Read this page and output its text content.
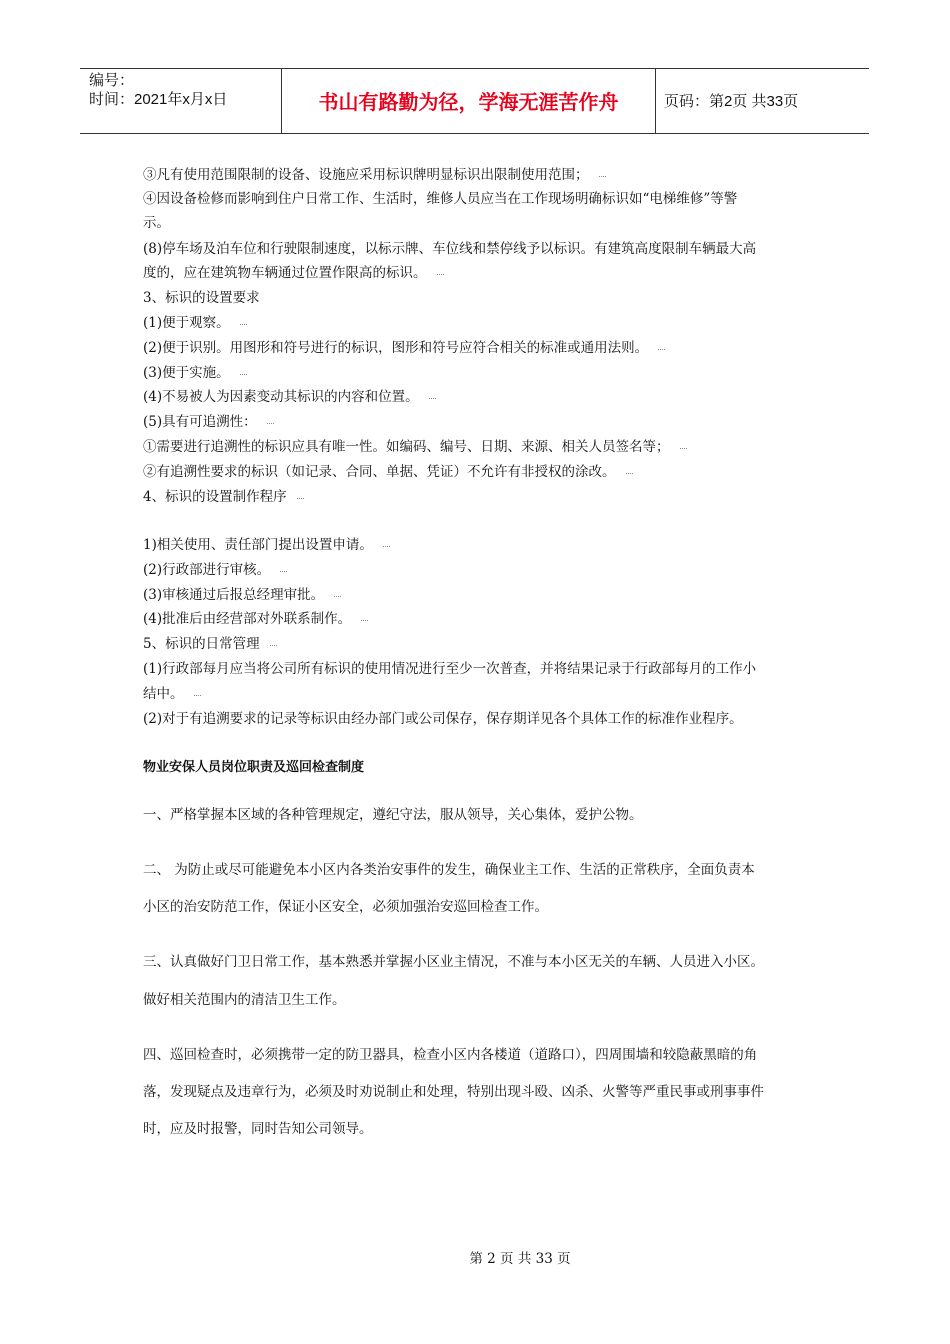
编号：
时间：2021年x月x日	书山有路勤为径，学海无涯苦作舟	页码：第2页 共33页
③凡有使用范围限制的设备、设施应采用标识牌明显标识出限制使用范围；
④因设备检修而影响到住户日常工作、生活时，维修人员应当在工作现场明确标识如“电梯维修”等警
示。
(8)停车场及泊车位和行驶限制速度，以标示牌、车位线和禁停线予以标识。有建筑高度限制车辆最大高
度的，应在建筑物车辆通过位置作限高的标识。
3、标识的设置要求
(1)便于观察。
(2)便于识别。用图形和符号进行的标识，图形和符号应符合相关的标准或通用法则。
(3)便于实施。
(4)不易被人为因素变动其标识的内容和位置。
(5)具有可追溯性：
①需要进行追溯性的标识应具有唯一性。如编码、编号、日期、来源、相关人员签名等；
②有追溯性要求的标识（如记录、合同、单据、凭证）不允许有非授权的涂改。
4、标识的设置制作程序
1)相关使用、责任部门提出设置申请。
(2)行政部进行审核。
(3)审核通过后报总经理审批。
(4)批准后由经营部对外联系制作。
5、标识的日常管理
(1)行政部每月应当将公司所有标识的使用情况进行至少一次普查，并将结果记录于行政部每月的工作小
结中。
(2)对于有追溯要求的记录等标识由经办部门或公司保存，保存期详见各个具体工作的标准作业程序。
物业安保人员岗位职责及巡回检查制度
一、严格掌握本区域的各种管理规定，遵纪守法，服从领导，关心集体，爱护公物。
二、 为防止或尽可能避免本小区内各类治安事件的发生，确保业主工作、生活的正常秩序，全面负责本
小区的治安防范工作，保证小区安全，必须加强治安巡回检查工作。
三、认真做好门卫日常工作，基本熟悉并掌握小区业主情况，不准与本小区无关的车辆、人员进入小区。
做好相关范围内的清洁卫生工作。
四、巡回检查时，必须携带一定的防卫器具，检查小区内各楼道（道路口），四周围墙和较隐蔽黑暗的角
落，发现疑点及违章行为，必须及时劝说制止和处理，特别出现斗殴、凶杀、火警等严重民事或刑事事件
时，应及时报警，同时告知公司领导。
第 2 页 共 33 页
